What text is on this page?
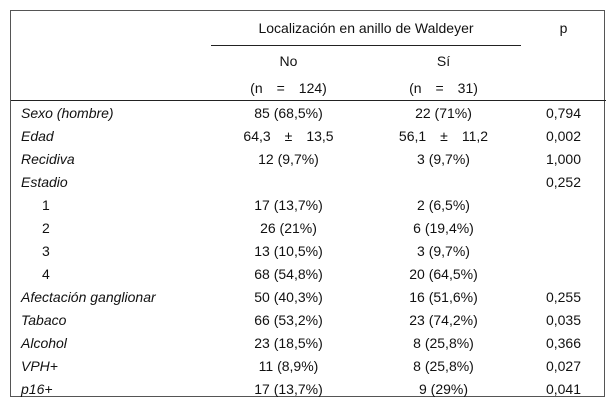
	Localización en anillo de Waldeyer		p
	No	Sí	
	(n = 124)	(n = 31)	
Sexo (hombre)	85 (68,5%)	22 (71%)	0,794
Edad	64,3 ± 13,5	56,1 ± 11,2	0,002
Recidiva	12 (9,7%)	3 (9,7%)	1,000
Estadio			0,252
1	17 (13,7%)	2 (6,5%)	
2	26 (21%)	6 (19,4%)	
3	13 (10,5%)	3 (9,7%)	
4	68 (54,8%)	20 (64,5%)	
Afectación ganglionar	50 (40,3%)	16 (51,6%)	0,255
Tabaco	66 (53,2%)	23 (74,2%)	0,035
Alcohol	23 (18,5%)	8 (25,8%)	0,366
VPH+	11 (8,9%)	8 (25,8%)	0,027
p16+	17 (13,7%)	9 (29%)	0,041
